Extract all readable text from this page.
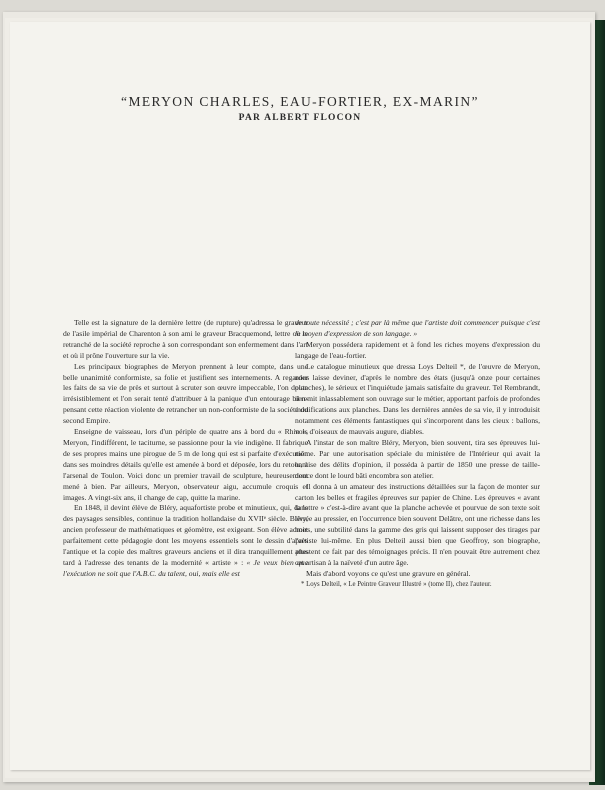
“MERYON CHARLES, EAU-FORTIER, EX-MARIN”
PAR ALBERT FLOCON

Telle est la signature de la dernière lettre (de rupture) qu'adressa le graveur de l'asile impérial de Charenton à son ami le graveur Bracquemond, lettre où le retranché de la société reproche à son correspondant son enfermement dans l'art et où il prône l'ouverture sur la vie.

Les principaux biographes de Meryon prennent à leur compte, dans une belle unanimité conformiste, sa folie et justifient ses internements. A regarder les faits de sa vie de près et surtout à scruter son œuvre impeccable, l'on doute irrésistiblement et l'on serait tenté d'attribuer à la panique d'un entourage bien-pensant cette réaction violente de retrancher un non-conformiste de la société du second Empire.

Enseigne de vaisseau, lors d'un périple de quatre ans à bord du « Rhin », Meryon, l'indifférent, le taciturne, se passionne pour la vie indigène. Il fabrique de ses propres mains une pirogue de 5 m de long qui est si parfaite d'exécution dans ses moindres détails qu'elle est amenée à bord et déposée, lors du retour, à l'arsenal de Toulon. Voici donc un premier travail de sculpture, heureusement mené à bien. Par ailleurs, Meryon, observateur aigu, accumule croquis et images. A vingt-six ans, il change de cap, quitte la marine.

En 1848, il devint élève de Bléry, aquafortiste probe et minutieux, qui, dans des paysages sensibles, continue la tradition hollandaise du XVIIᵉ siècle. Bléry, ancien professeur de mathématiques et géomètre, est exigeant. Son élève admet parfaitement cette pédagogie dont les moyens essentiels sont le dessin d'après l'antique et la copie des maîtres graveurs anciens et il dira tranquillement plus tard à l'adresse des tenants de la modernité « artiste » : « Je veux bien que l'exécution ne soit que l'A.B.C. du talent, oui, mais elle est

de toute nécessité ; c'est par là même que l'artiste doit commencer puisque c'est le moyen d'expression de son langage. »

Meryon possédera rapidement et à fond les riches moyens d'expression du langage de l'eau-fortier.

Le catalogue minutieux que dressa Loys Delteil *, de l'œuvre de Meryon, nous laisse deviner, d'après le nombre des états (jusqu'à onze pour certaines planches), le sérieux et l'inquiétude jamais satisfaite du graveur. Tel Rembrandt, il remit inlassablement son ouvrage sur le métier, apportant parfois de profondes modifications aux planches. Dans les dernières années de sa vie, il y introduisit notamment ces éléments fantastiques qui s'incorporent dans les cieux : ballons, vols d'oiseaux de mauvais augure, diables.

A l'instar de son maître Bléry, Meryon, bien souvent, tira ses épreuves lui-même. Par une autorisation spéciale du ministère de l'Intérieur qui avait la hantise des délits d'opinion, il posséda à partir de 1850 une presse de taille-douce dont le lourd bâti encombra son atelier.

Il donna à un amateur des instructions détaillées sur la façon de monter sur carton les belles et fragiles épreuves sur papier de Chine. Les épreuves « avant la lettre » c'est-à-dire avant que la planche achevée et pourvue de son texte soit livrée au pressier, en l'occurrence bien souvent Delâtre, ont une richesse dans les noirs, une subtilité dans la gamme des gris qui laissent supposer des tirages par l'artiste lui-même. En plus Delteil aussi bien que Geoffroy, son biographe, attestent ce fait par des témoignages précis. Il n'en pouvait être autrement chez cet artisan à la naïveté d'un autre âge.

Mais d'abord voyons ce qu'est une gravure en général.

* Loys Delteil, « Le Peintre Graveur Illustré » (tome II), chez l'auteur.
